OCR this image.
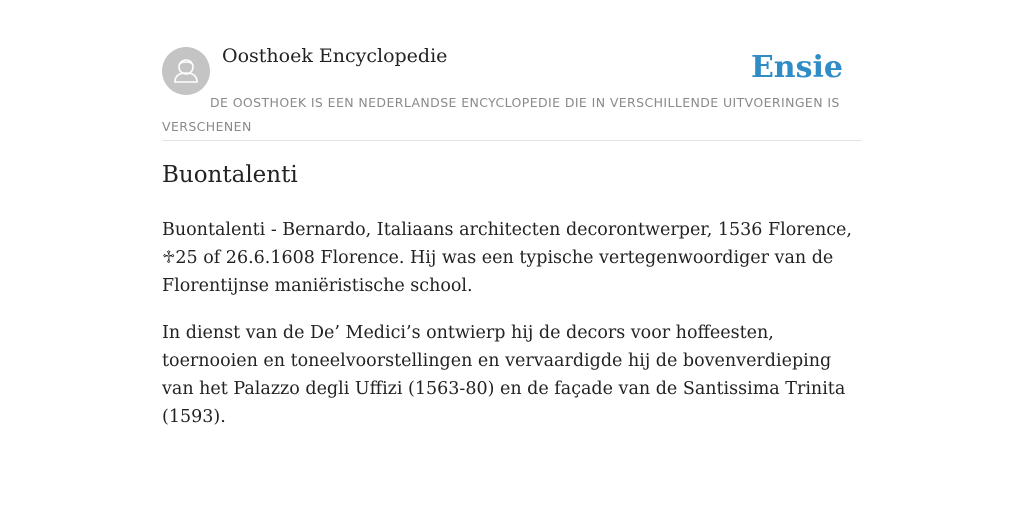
Oosthoek Encyclopedie	Ensie
DE OOSTHOEK IS EEN NEDERLANDSE ENCYCLOPEDIE DIE IN VERSCHILLENDE UITVOERINGEN IS VERSCHENEN
Buontalenti

Buontalenti - Bernardo, Italiaans architecten decorontwerper, 1536 Florence, ♱25 of 26.6.1608 Florence. Hij was een typische vertegenwoordiger van de Florentijnse maniëristische school.

In dienst van de De’ Medici’s ontwierp hij de decors voor hoffeesten, toernooien en toneelvoorstellingen en vervaardigde hij de bovenverdieping van het Palazzo degli Uffizi (1563-80) en de façade van de Santissima Trinita (1593).
